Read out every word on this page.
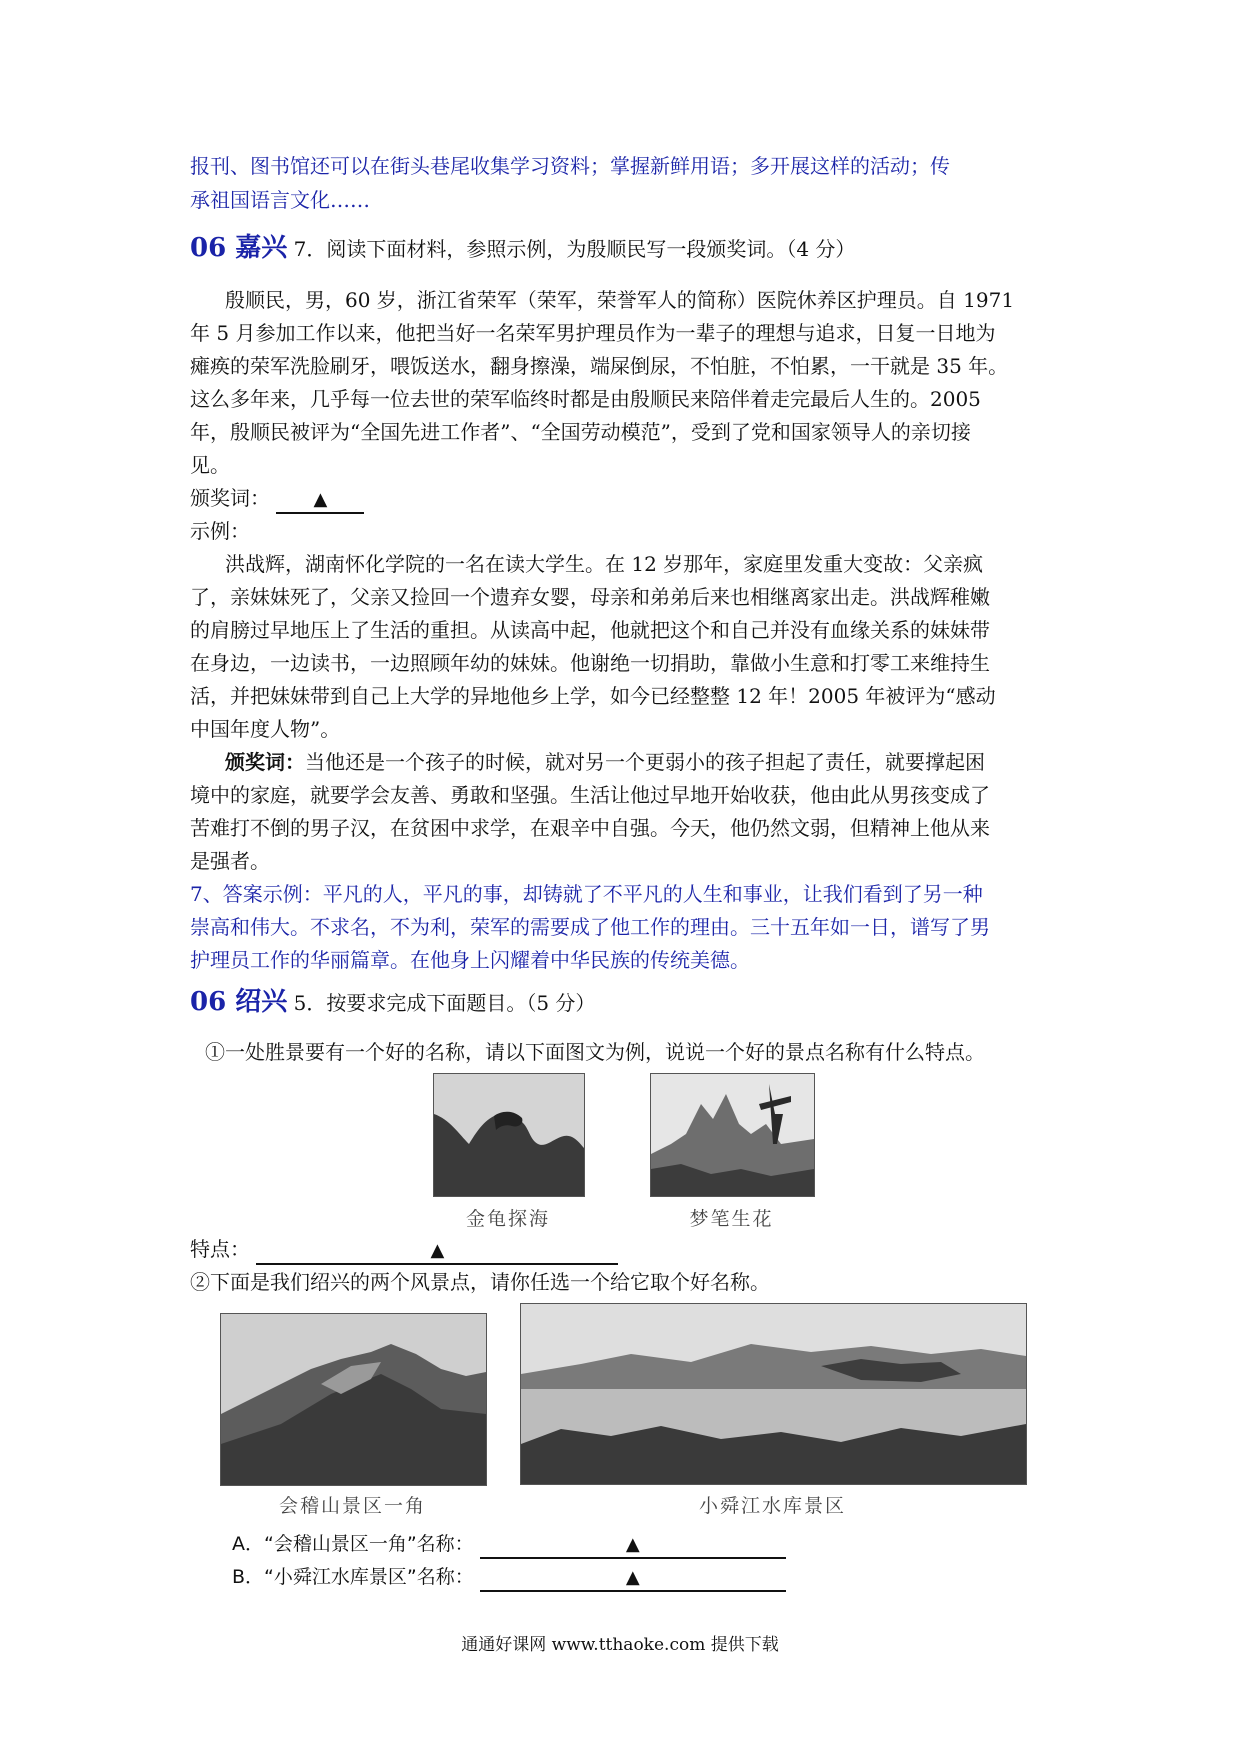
报刊、图书馆还可以在街头巷尾收集学习资料；掌握新鲜用语；多开展这样的活动；传
承祖国语言文化……
06 嘉兴 7．阅读下面材料，参照示例，为殷顺民写一段颁奖词。（4 分）
殷顺民，男，60 岁，浙江省荣军（荣军，荣誉军人的简称）医院休养区护理员。自 1971
年 5 月参加工作以来，他把当好一名荣军男护理员作为一辈子的理想与追求，日复一日地为
瘫痪的荣军洗脸刷牙，喂饭送水，翻身擦澡，端屎倒尿，不怕脏，不怕累，一干就是 35 年。
这么多年来，几乎每一位去世的荣军临终时都是由殷顺民来陪伴着走完最后人生的。2005
年，殷顺民被评为“全国先进工作者”、“全国劳动模范”，受到了党和国家领导人的亲切接
见。
颁奖词： ▲
示例：
洪战辉，湖南怀化学院的一名在读大学生。在 12 岁那年，家庭里发重大变故：父亲疯
了，亲妹妹死了，父亲又捡回一个遗弃女婴，母亲和弟弟后来也相继离家出走。洪战辉稚嫩
的肩膀过早地压上了生活的重担。从读高中起，他就把这个和自己并没有血缘关系的妹妹带
在身边，一边读书，一边照顾年幼的妹妹。他谢绝一切捐助，靠做小生意和打零工来维持生
活，并把妹妹带到自己上大学的异地他乡上学，如今已经整整 12 年！2005 年被评为“感动
中国年度人物”。
颁奖词：当他还是一个孩子的时候，就对另一个更弱小的孩子担起了责任，就要撑起困
境中的家庭，就要学会友善、勇敢和坚强。生活让他过早地开始收获，他由此从男孩变成了
苦难打不倒的男子汉，在贫困中求学，在艰辛中自强。今天，他仍然文弱，但精神上他从来
是强者。
7、答案示例：平凡的人，平凡的事，却铸就了不平凡的人生和事业，让我们看到了另一种
崇高和伟大。不求名，不为利，荣军的需要成了他工作的理由。三十五年如一日，谱写了男
护理员工作的华丽篇章。在他身上闪耀着中华民族的传统美德。
06 绍兴 5．按要求完成下面题目。（5 分）
①一处胜景要有一个好的名称，请以下面图文为例，说说一个好的景点名称有什么特点。
金龟探海	梦笔生花
特点：	▲
②下面是我们绍兴的两个风景点，请你任选一个给它取个好名称。
会稽山景区一角	小舜江水库景区
A．“会稽山景区一角”名称：	▲
B．“小舜江水库景区”名称：	▲
通通好课网 www.tthaoke.com 提供下载
